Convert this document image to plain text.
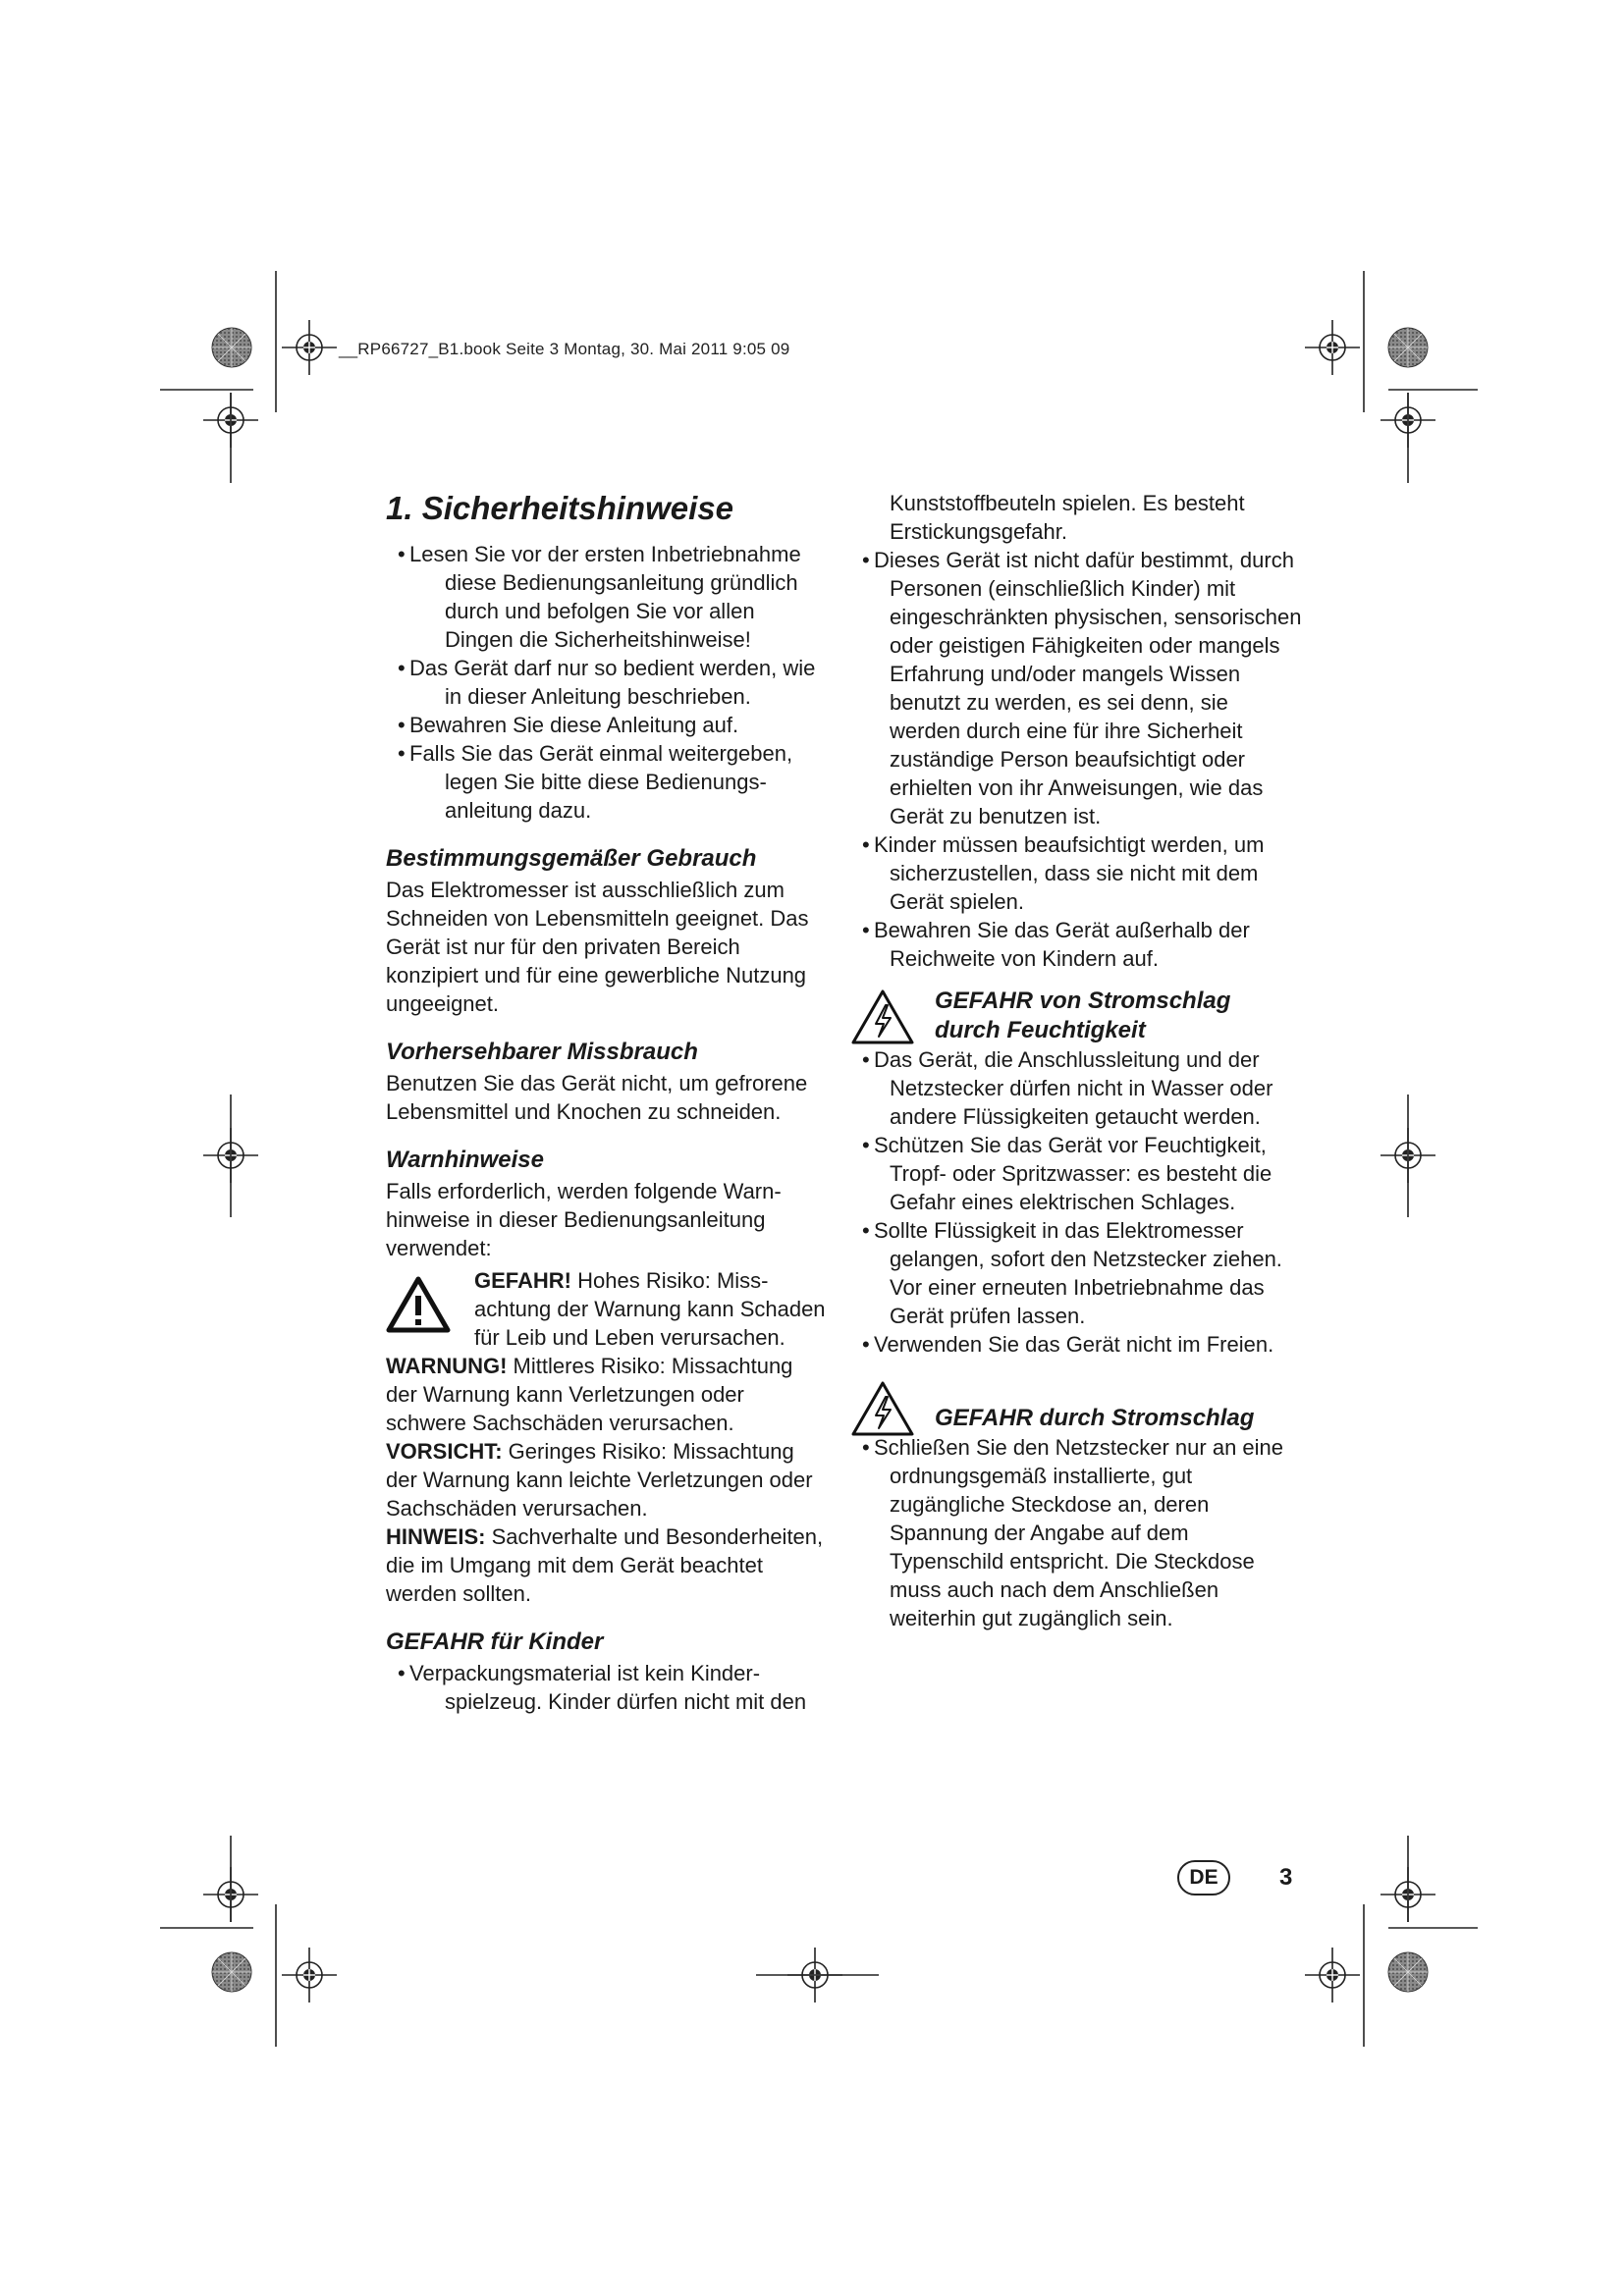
__RP66727_B1.book Seite 3 Montag, 30. Mai 2011 9:05 09
1. Sicherheitshinweise
• Lesen Sie vor der ersten Inbetriebnahme diese Bedienungsanleitung gründlich durch und befolgen Sie vor allen Dingen die Sicherheitshinweise!
• Das Gerät darf nur so bedient werden, wie in dieser Anleitung beschrieben.
• Bewahren Sie diese Anleitung auf.
• Falls Sie das Gerät einmal weitergeben, legen Sie bitte diese Bedienungsanleitung dazu.
Bestimmungsgemäßer Gebrauch

Das Elektromesser ist ausschließlich zum Schneiden von Lebensmitteln geeignet. Das Gerät ist nur für den privaten Bereich konzipiert und für eine gewerbliche Nutzung ungeeignet.

Vorhersehbarer Missbrauch

Benutzen Sie das Gerät nicht, um gefrorene Lebensmittel und Knochen zu schneiden.

Warnhinweise

Falls erforderlich, werden folgende Warnhinweise in dieser Bedienungsanleitung verwendet:

GEFAHR! Hohes Risiko: Missachtung der Warnung kann Schaden für Leib und Leben verursachen.

WARNUNG! Mittleres Risiko: Missachtung der Warnung kann Verletzungen oder schwere Sachschäden verursachen.

VORSICHT: Geringes Risiko: Missachtung der Warnung kann leichte Verletzungen oder Sachschäden verursachen.

HINWEIS: Sachverhalte und Besonderheiten, die im Umgang mit dem Gerät beachtet werden sollten.

GEFAHR für Kinder
• Verpackungsmaterial ist kein Kinderspielzeug. Kinder dürfen nicht mit den

Kunststoffbeuteln spielen. Es besteht Erstickungsgefahr.

• Dieses Gerät ist nicht dafür bestimmt, durch Personen (einschließlich Kinder) mit eingeschränkten physischen, sensorischen oder geistigen Fähigkeiten oder mangels Erfahrung und/oder mangels Wissen benutzt zu werden, es sei denn, sie werden durch eine für ihre Sicherheit zuständige Person beaufsichtigt oder erhielten von ihr Anweisungen, wie das Gerät zu benutzen ist.
• Kinder müssen beaufsichtigt werden, um sicherzustellen, dass sie nicht mit dem Gerät spielen.
• Bewahren Sie das Gerät außerhalb der Reichweite von Kindern auf.
GEFAHR von Stromschlag
durch Feuchtigkeit
• Das Gerät, die Anschlussleitung und der Netzstecker dürfen nicht in Wasser oder andere Flüssigkeiten getaucht werden.
• Schützen Sie das Gerät vor Feuchtigkeit, Tropf- oder Spritzwasser: es besteht die Gefahr eines elektrischen Schlages.
• Sollte Flüssigkeit in das Elektromesser gelangen, sofort den Netzstecker ziehen. Vor einer erneuten Inbetriebnahme das Gerät prüfen lassen.
• Verwenden Sie das Gerät nicht im Freien.
GEFAHR durch Stromschlag
• Schließen Sie den Netzstecker nur an eine ordnungsgemäß installierte, gut zugängliche Steckdose an, deren Spannung der Angabe auf dem Typenschild entspricht. Die Steckdose muss auch nach dem Anschließen weiterhin gut zugänglich sein.
DE	3
